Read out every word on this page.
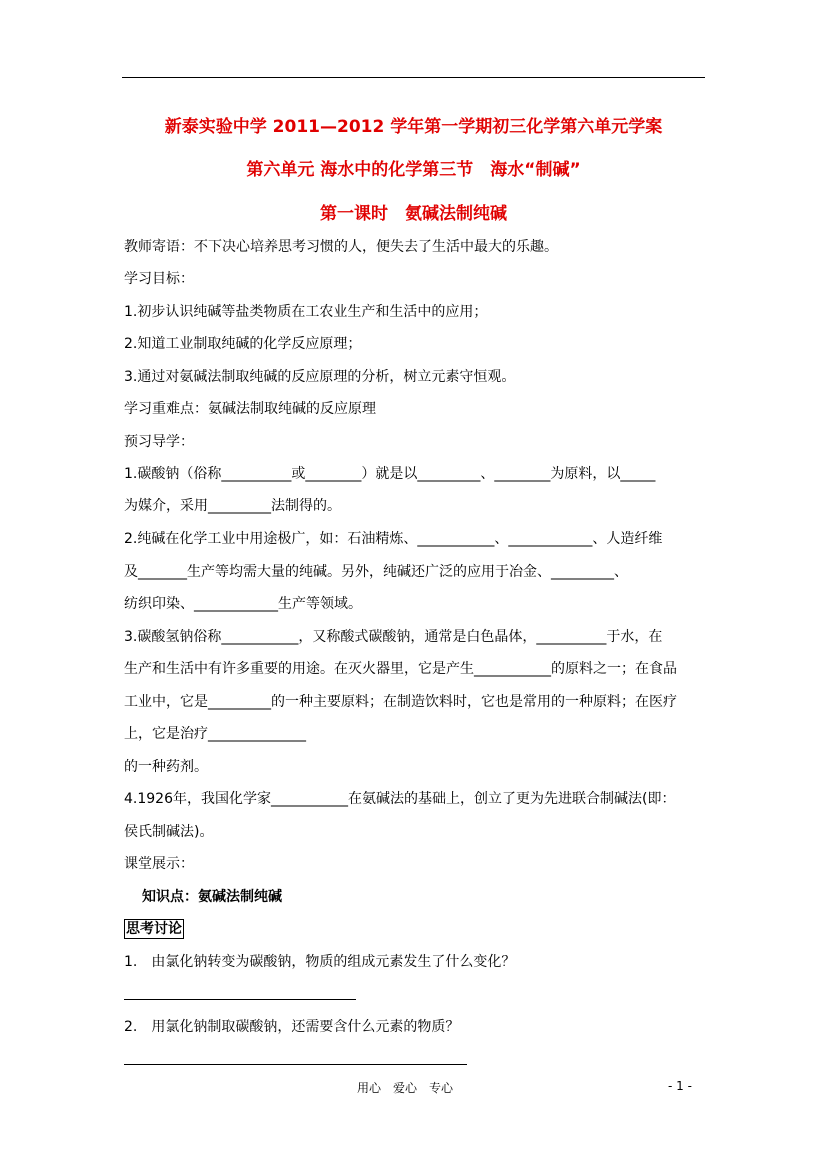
新泰实验中学 2011—2012 学年第一学期初三化学第六单元学案
第六单元 海水中的化学第三节　海水“制碱”
第一课时　氨碱法制纯碱
教师寄语：不下决心培养思考习惯的人，便失去了生活中最大的乐趣。
学习目标：
1.初步认识纯碱等盐类物质在工农业生产和生活中的应用；
2.知道工业制取纯碱的化学反应原理；
3.通过对氨碱法制取纯碱的反应原理的分析，树立元素守恒观。
学习重难点：氨碱法制取纯碱的反应原理
预习导学：
1.碳酸钠（俗称__________或________）就是以_________、________为原料，以_____
为媒介，采用_________法制得的。
2.纯碱在化学工业中用途极广，如：石油精炼、___________、____________、人造纤维
及_______生产等均需大量的纯碱。另外，纯碱还广泛的应用于冶金、_________、
纺织印染、____________生产等领域。
3.碳酸氢钠俗称___________，又称酸式碳酸钠，通常是白色晶体，__________于水，在
生产和生活中有许多重要的用途。在灭火器里，它是产生___________的原料之一；在食品
工业中，它是_________的一种主要原料；在制造饮料时，它也是常用的一种原料；在医疗
上，它是治疗______________
的一种药剂。
4.1926年，我国化学家___________在氨碱法的基础上，创立了更为先进联合制碱法(即：
侯氏制碱法)。
课堂展示：
知识点：氨碱法制纯碱
思考讨论
1.　由氯化钠转变为碳酸钠，物质的组成元素发生了什么变化？
2.　用氯化钠制取碳酸钠，还需要含什么元素的物质？
用心　爱心　专心	- 1 -
